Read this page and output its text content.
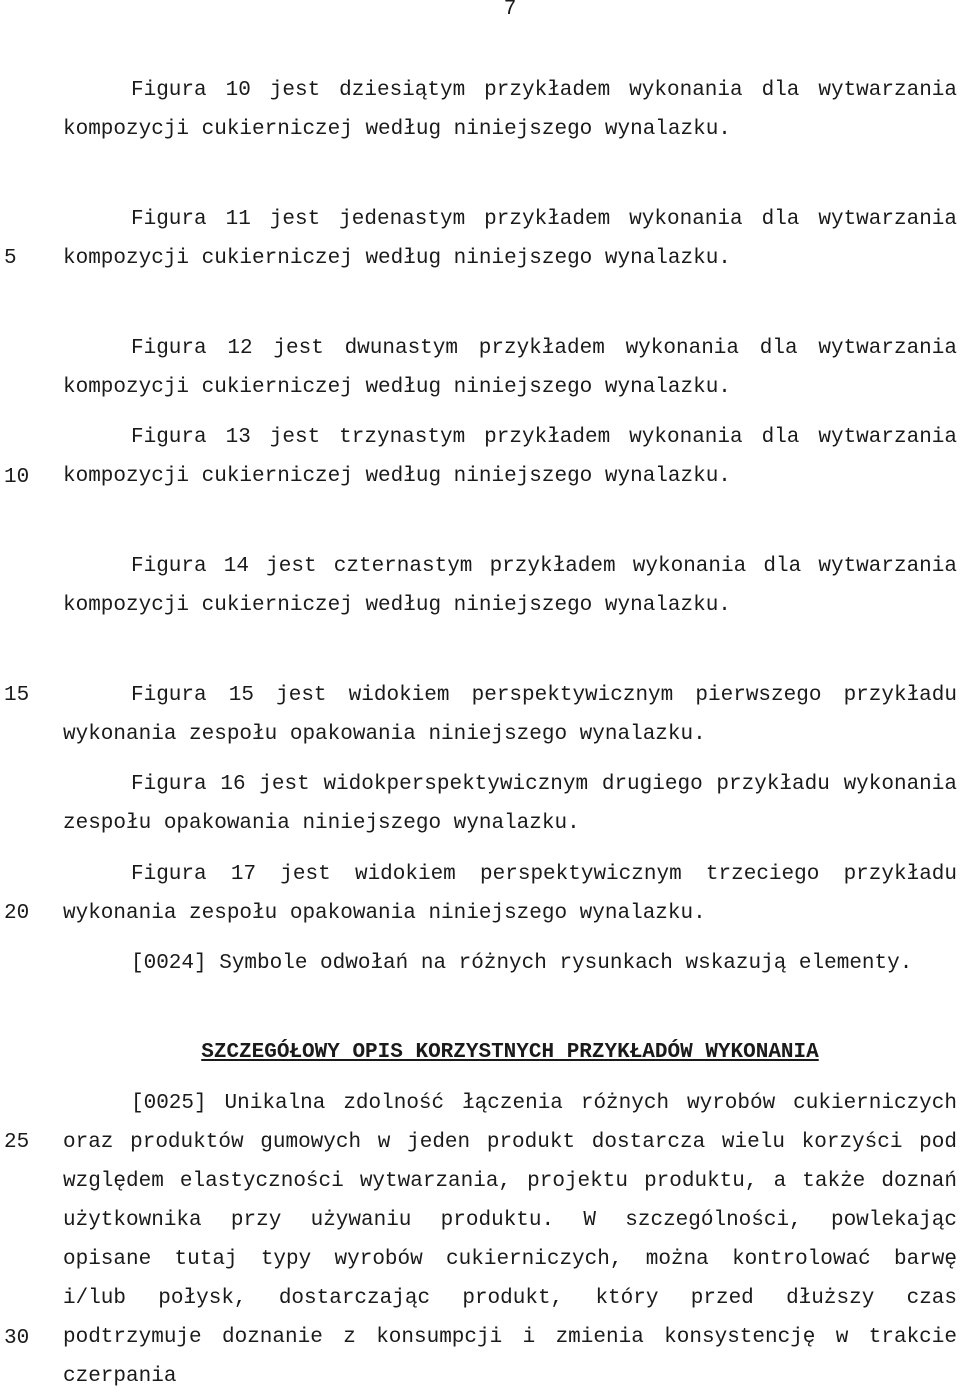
7
5
10
15
20
25
30

Figura 10 jest dziesiątym przykładem wykonania dla wytwarzania kompozycji cukierniczej według niniejszego wynalazku.

Figura 11 jest jedenastym przykładem wykonania dla wytwarzania kompozycji cukierniczej według niniejszego wynalazku.

Figura 12 jest dwunastym przykładem wykonania dla wytwarzania kompozycji cukierniczej według niniejszego wynalazku.

Figura 13 jest trzynastym przykładem wykonania dla wytwarzania kompozycji cukierniczej według niniejszego wynalazku.

Figura 14 jest czternastym przykładem wykonania dla wytwarzania kompozycji cukierniczej według niniejszego wynalazku.

Figura 15 jest widokiem perspektywicznym pierwszego przykładu wykonania zespołu opakowania niniejszego wynalazku.

Figura 16 jest widokperspektywicznym drugiego przykładu wykonania zespołu opakowania niniejszego wynalazku.

Figura 17 jest widokiem perspektywicznym trzeciego przykładu wykonania zespołu opakowania niniejszego wynalazku.

[0024] Symbole odwołań na różnych rysunkach wskazują elementy.

SZCZEGÓŁOWY OPIS KORZYSTNYCH PRZYKŁADÓW WYKONANIA

[0025] Unikalna zdolność łączenia różnych wyrobów cukierniczych oraz produktów gumowych w jeden produkt dostarcza wielu korzyści pod względem elastyczności wytwarzania, projektu produktu, a także doznań użytkownika przy używaniu produktu. W szczególności, powlekając opisane tutaj typy wyrobów cukierniczych, można kontrolować barwę i/lub połysk, dostarczając produkt, który przed dłuższy czas podtrzymuje doznanie z konsumpcji i zmienia konsystencję w trakcie czerpania
